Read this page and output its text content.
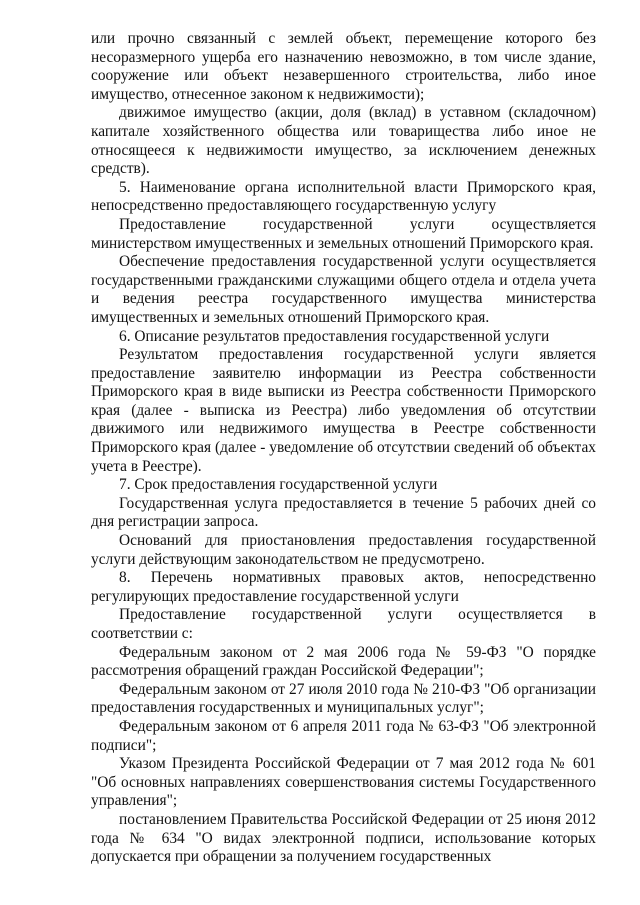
или прочно связанный с землей объект, перемещение которого без несоразмерного ущерба его назначению невозможно, в том числе здание, сооружение или объект незавершенного строительства, либо иное имущество, отнесенное законом к недвижимости);

движимое имущество (акции, доля (вклад) в уставном (складочном) капитале хозяйственного общества или товарищества либо иное не относящееся к недвижимости имущество, за исключением денежных средств).

5. Наименование органа исполнительной власти Приморского края, непосредственно предоставляющего государственную услугу

Предоставление государственной услуги осуществляется министерством имущественных и земельных отношений Приморского края.

Обеспечение предоставления государственной услуги осуществляется государственными гражданскими служащими общего отдела и отдела учета и ведения реестра государственного имущества министерства имущественных и земельных отношений Приморского края.

6. Описание результатов предоставления государственной услуги

Результатом предоставления государственной услуги является предоставление заявителю информации из Реестра собственности Приморского края в виде выписки из Реестра собственности Приморского края (далее - выписка из Реестра) либо уведомления об отсутствии движимого или недвижимого имущества в Реестре собственности Приморского края (далее - уведомление об отсутствии сведений об объектах учета в Реестре).

7. Срок предоставления государственной услуги

Государственная услуга предоставляется в течение 5 рабочих дней со дня регистрации запроса.

Оснований для приостановления предоставления государственной услуги действующим законодательством не предусмотрено.

8. Перечень нормативных правовых актов, непосредственно регулирующих предоставление государственной услуги

Предоставление государственной услуги осуществляется в соответствии с:

Федеральным законом от 2 мая 2006 года № 59-ФЗ "О порядке рассмотрения обращений граждан Российской Федерации";

Федеральным законом от 27 июля 2010 года № 210-ФЗ "Об организации предоставления государственных и муниципальных услуг";

Федеральным законом от 6 апреля 2011 года № 63-ФЗ "Об электронной подписи";

Указом Президента Российской Федерации от 7 мая 2012 года № 601 "Об основных направлениях совершенствования системы Государственного управления";

постановлением Правительства Российской Федерации от 25 июня 2012 года № 634 "О видах электронной подписи, использование которых допускается при обращении за получением государственных
